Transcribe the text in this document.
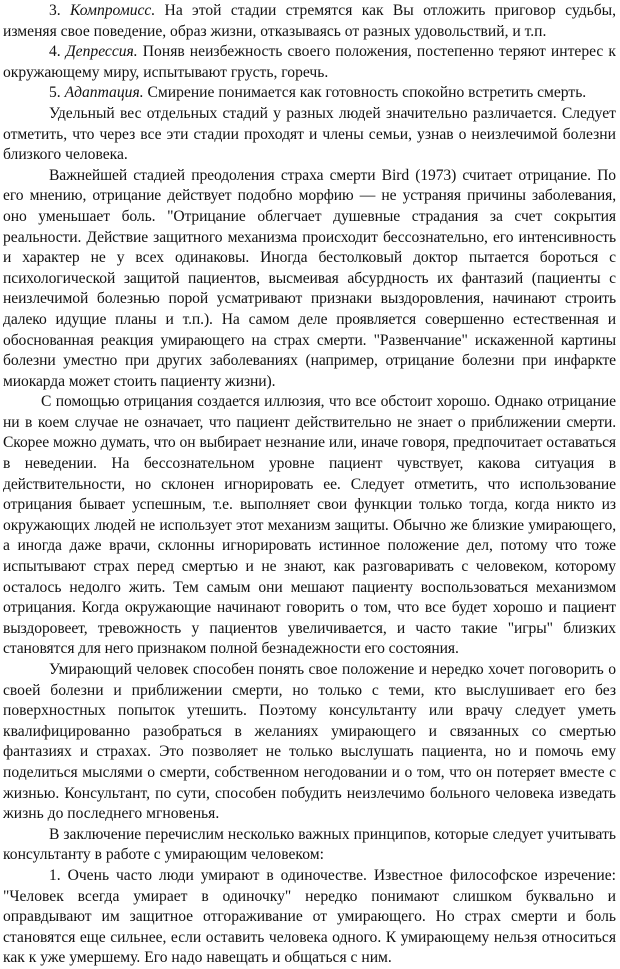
3. Компромисс. На этой стадии стремятся как Вы отложить приговор судьбы, изменяя свое поведение, образ жизни, отказываясь от разных удовольствий, и т.п.

4. Депрессия. Поняв неизбежность своего положения, постепенно теряют интерес к окружающему миру, испытывают грусть, горечь.

5. Адаптация. Смирение понимается как готовность спокойно встретить смерть.

Удельный вес отдельных стадий у разных людей значительно различается. Следует отметить, что через все эти стадии проходят и члены семьи, узнав о неизлечимой болезни близкого человека.

Важнейшей стадией преодоления страха смерти Bird (1973) считает отрицание. По его мнению, отрицание действует подобно морфию — не устраняя причины заболевания, оно уменьшает боль. "Отрицание облегчает душевные страдания за счет сокрытия реальности. Действие защитного механизма происходит бессознательно, его интенсивность и характер не у всех одинаковы. Иногда бестолковый доктор пытается бороться с психологической защитой пациентов, высмеивая абсурдность их фантазий (пациенты с неизлечимой болезнью порой усматривают признаки выздоровления, начинают строить далеко идущие планы и т.п.). На самом деле проявляется совершенно естественная и обоснованная реакция умирающего на страх смерти. "Развенчание" искаженной картины болезни уместно при других заболеваниях (например, отрицание болезни при инфаркте миокарда может стоить пациенту жизни).

С помощью отрицания создается иллюзия, что все обстоит хорошо. Однако отрицание ни в коем случае не означает, что пациент действительно не знает о приближении смерти. Скорее можно думать, что он выбирает незнание или, иначе говоря, предпочитает оставаться в неведении. На бессознательном уровне пациент чувствует, какова ситуация в действительности, но склонен игнорировать ее. Следует отметить, что использование отрицания бывает успешным, т.е. выполняет свои функции только тогда, когда никто из окружающих людей не использует этот механизм защиты. Обычно же близкие умирающего, а иногда даже врачи, склонны игнорировать истинное положение дел, потому что тоже испытывают страх перед смертью и не знают, как разговаривать с человеком, которому осталось недолго жить. Тем самым они мешают пациенту воспользоваться механизмом отрицания. Когда окружающие начинают говорить о том, что все будет хорошо и пациент выздоровеет, тревожность у пациентов увеличивается, и часто такие "игры" близких становятся для него признаком полной безнадежности его состояния.

Умирающий человек способен понять свое положение и нередко хочет поговорить о своей болезни и приближении смерти, но только с теми, кто выслушивает его без поверхностных попыток утешить. Поэтому консультанту или врачу следует уметь квалифицированно разобраться в желаниях умирающего и связанных со смертью фантазиях и страхах. Это позволяет не только выслушать пациента, но и помочь ему поделиться мыслями о смерти, собственном негодовании и о том, что он потеряет вместе с жизнью. Консультант, по сути, способен побудить неизлечимо больного человека изведать жизнь до последнего мгновенья.

В заключение перечислим несколько важных принципов, которые следует учитывать консультанту в работе с умирающим человеком:

1. Очень часто люди умирают в одиночестве. Известное философское изречение: "Человек всегда умирает в одиночку" нередко понимают слишком буквально и оправдывают им защитное отгораживание от умирающего. Но страх смерти и боль становятся еще сильнее, если оставить человека одного. К умирающему нельзя относиться как к уже умершему. Его надо навещать и общаться с ним.
